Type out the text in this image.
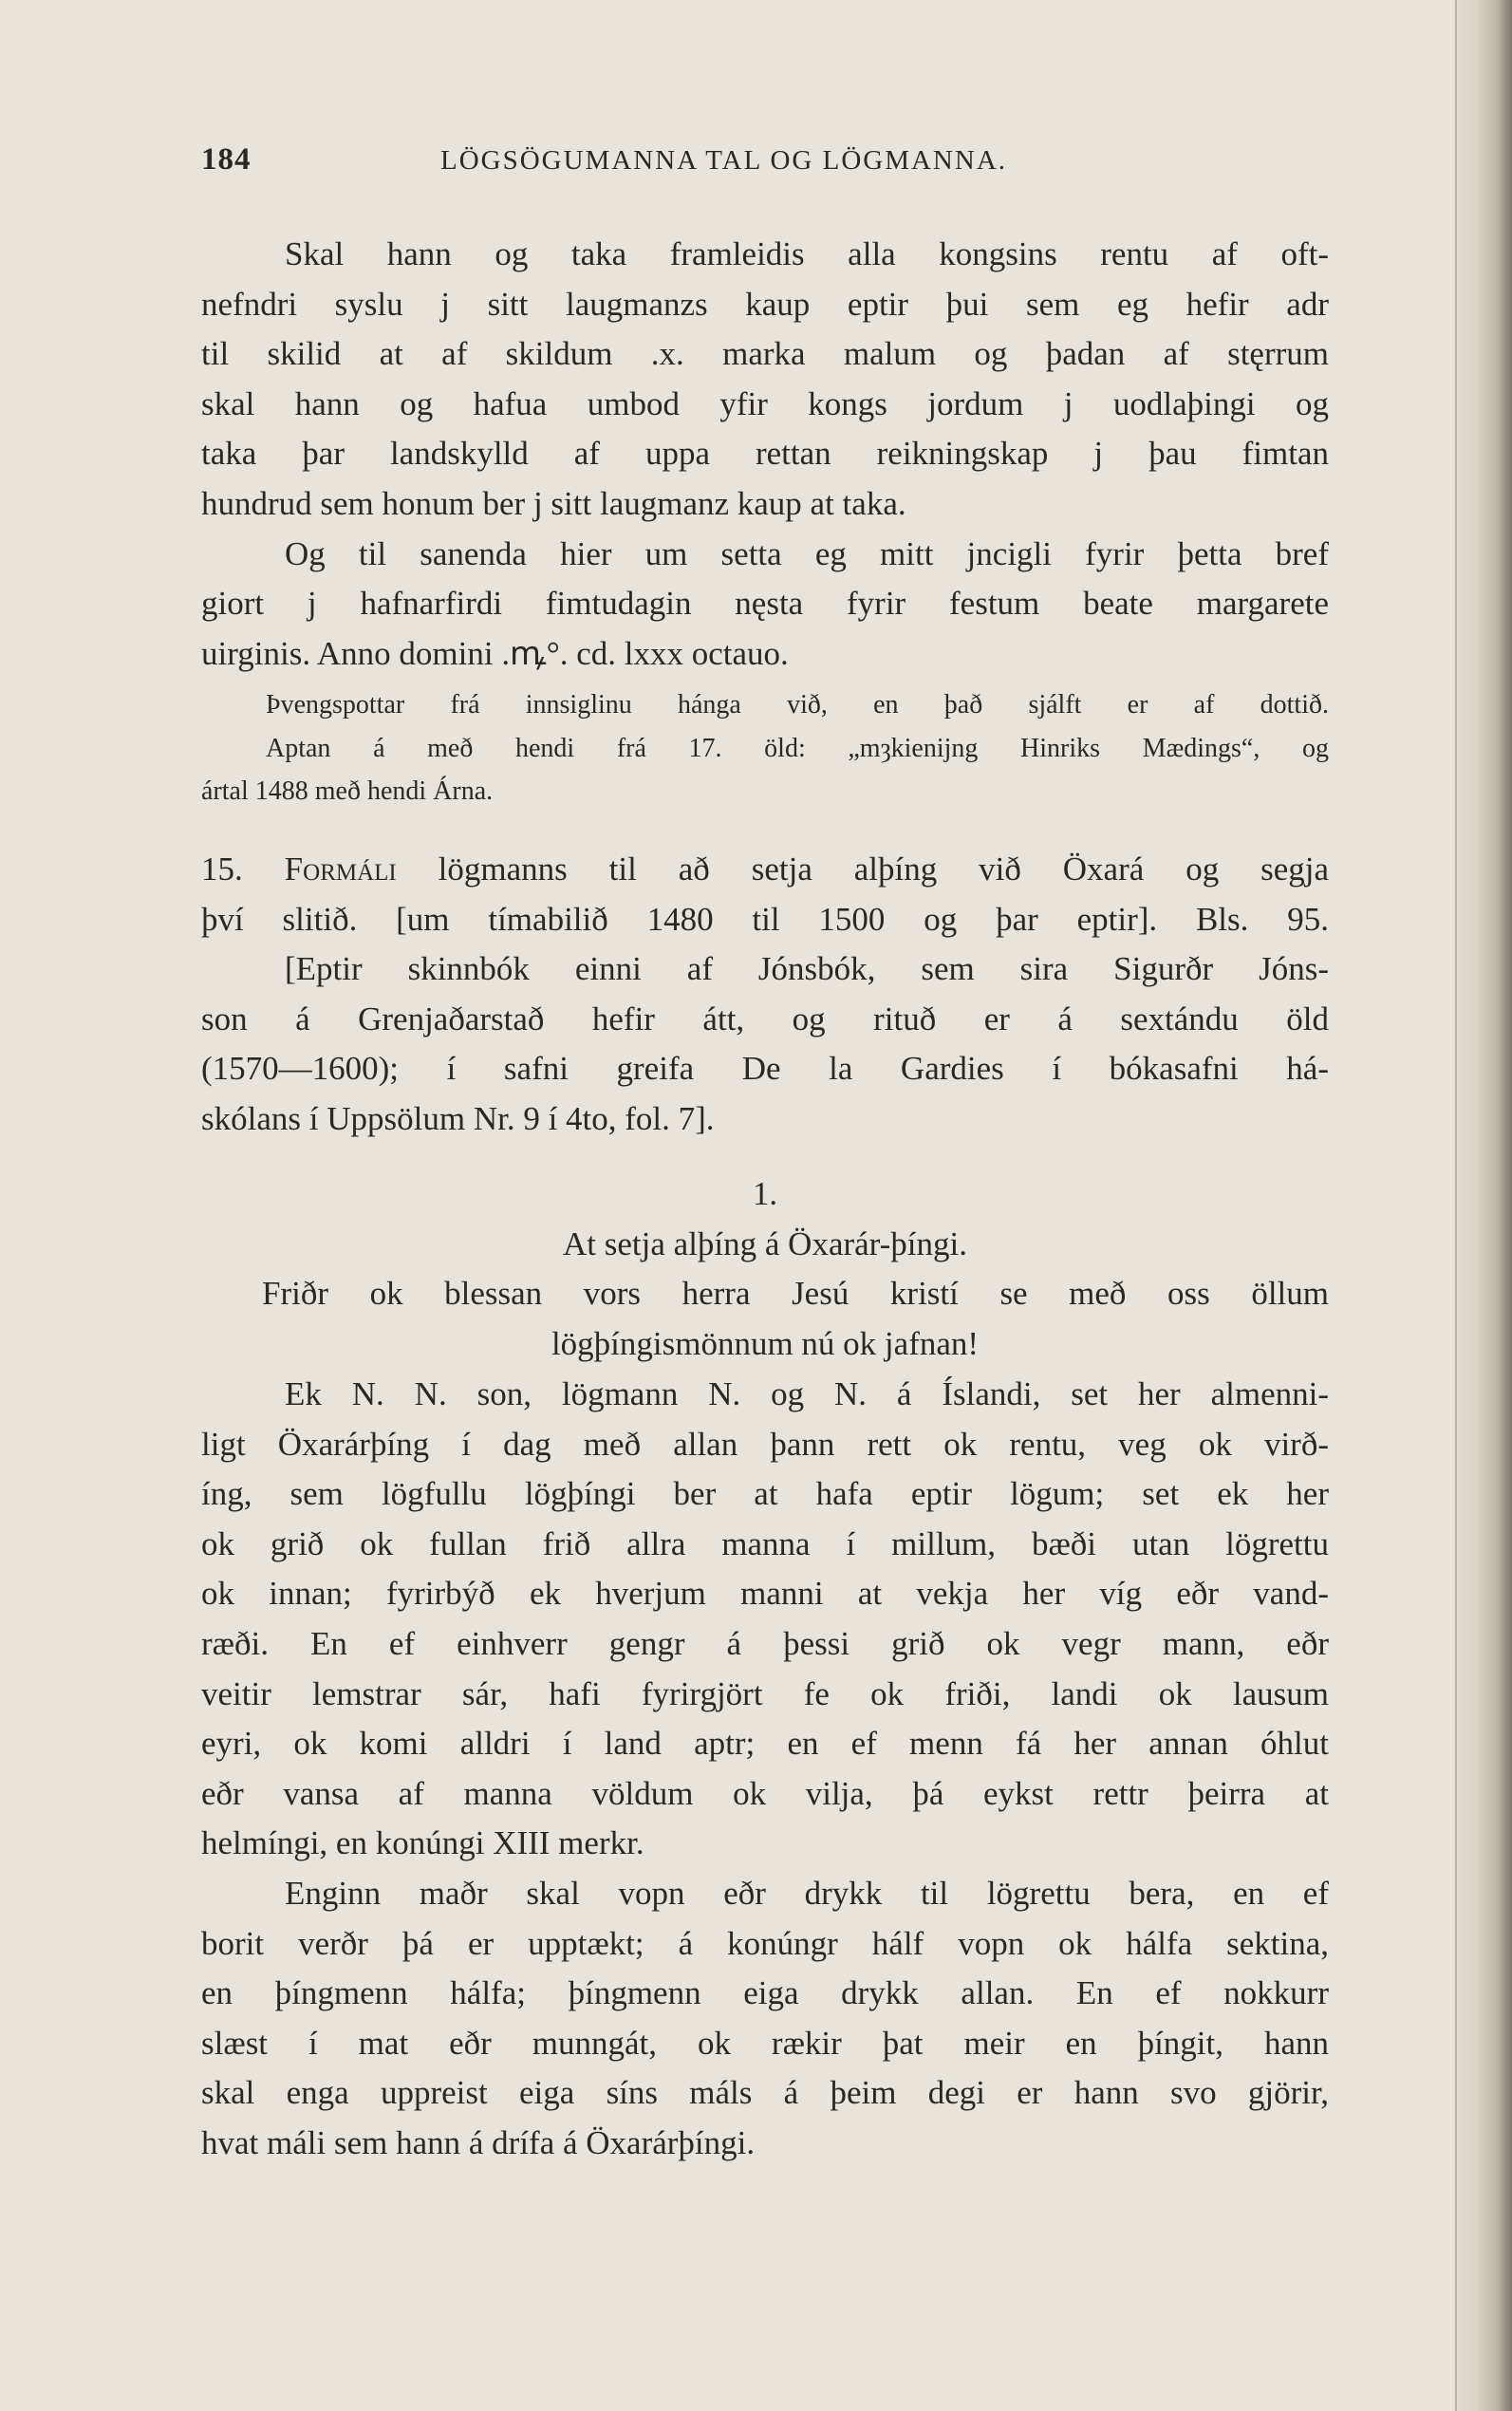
184	LÖGSÖGUMANNA TAL OG LÖGMANNA.
Skal hann og taka framleidis alla kongsins rentu af oft-
nefndri syslu j sitt laugmanzs kaup eptir þui sem eg hefir adr
til skilid at af skildum .x. marka malum og þadan af stęrrum
skal hann og hafua umbod yfir kongs jordum j uodlaþingi og
taka þar landskylld af uppa rettan reikningskap j þau fimtan
hundrud sem honum ber j sitt laugmanz kaup at taka.
Og til sanenda hier um setta eg mitt jncigli fyrir þetta bref
giort j hafnarfirdi fimtudagin nęsta fyrir festum beate margarete
uirginis. Anno domini .ꝳ°. cd. lxxx octauo.
Þvengspottar frá innsiglinu hánga við, en það sjálft er af dottið.
Aptan á með hendi frá 17. öld: „mȝkienijng Hinriks Mædings“, og
ártal 1488 með hendi Árna.
15. Formáli lögmanns til að setja alþíng við Öxará og segja
því slitið. [um tímabilið 1480 til 1500 og þar eptir]. Bls. 95.
[Eptir skinnbók einni af Jónsbók, sem sira Sigurðr Jóns-
son á Grenjaðarstað hefir átt, og rituð er á sextándu öld
(1570—1600); í safni greifa De la Gardies í bókasafni há-
skólans í Uppsölum Nr. 9 í 4to, fol. 7].
1.
At setja alþíng á Öxarár-þíngi.
Friðr ok blessan vors herra Jesú kristí se með oss öllum
lögþíngismönnum nú ok jafnan!
Ek N. N. son, lögmann N. og N. á Íslandi, set her almenni-
ligt Öxarárþíng í dag með allan þann rett ok rentu, veg ok virð-
íng, sem lögfullu lögþíngi ber at hafa eptir lögum; set ek her
ok grið ok fullan frið allra manna í millum, bæði utan lögrettu
ok innan; fyrirbýð ek hverjum manni at vekja her víg eðr vand-
ræði. En ef einhverr gengr á þessi grið ok vegr mann, eðr
veitir lemstrar sár, hafi fyrirgjört fe ok friði, landi ok lausum
eyri, ok komi alldri í land aptr; en ef menn fá her annan óhlut
eðr vansa af manna völdum ok vilja, þá eykst rettr þeirra at
helmíngi, en konúngi XIII merkr.
Enginn maðr skal vopn eðr drykk til lögrettu bera, en ef
borit verðr þá er upptækt; á konúngr hálf vopn ok hálfa sektina,
en þíngmenn hálfa; þíngmenn eiga drykk allan. En ef nokkurr
slæst í mat eðr munngát, ok rækir þat meir en þíngit, hann
skal enga uppreist eiga síns máls á þeim degi er hann svo gjörir,
hvat máli sem hann á drífa á Öxarárþíngi.
